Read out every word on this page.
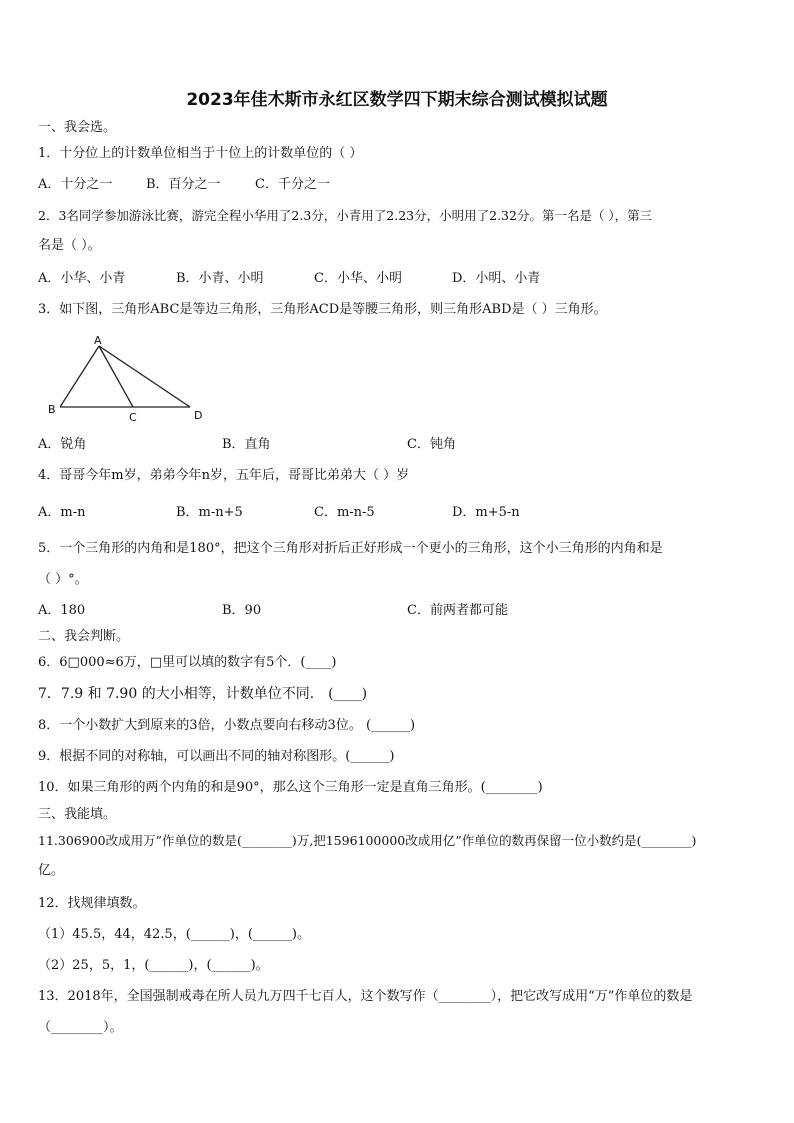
2023年佳木斯市永红区数学四下期末综合测试模拟试题
一、我会选。
1．十分位上的计数单位相当于十位上的计数单位的（ ）
A．十分之一	B．百分之一	C．千分之一
2．3名同学参加游泳比赛，游完全程小华用了2.3分，小青用了2.23分，小明用了2.32分。第一名是（ ），第三
名是（ ）。
A．小华、小青	B．小青、小明	C．小华、小明	D．小明、小青
3．如下图，三角形ABC是等边三角形，三角形ACD是等腰三角形，则三角形ABD是（ ）三角形。
A
B
C	D
A．锐角	B．直角	C．钝角
4．哥哥今年m岁，弟弟今年n岁，五年后，哥哥比弟弟大（ ）岁
A．m-n	B．m-n+5	C．m-n-5	D．m+5-n
5．一个三角形的内角和是180°，把这个三角形对折后正好形成一个更小的三角形，这个小三角形的内角和是
（ ）°。
A．180	B．90	C．前两者都可能
二、我会判断。
6．6□000≈6万，□里可以填的数字有5个．(____)
7．7.9 和 7.90 的大小相等，计数单位不同． (____)
8．一个小数扩大到原来的3倍，小数点要向右移动3位。 (______)
9．根据不同的对称轴，可以画出不同的轴对称图形。(______)
10．如果三角形的两个内角的和是90°，那么这个三角形一定是直角三角形。(________)
三、我能填。
11.306900改成用万”作单位的数是(________)万,把1596100000改成用亿”作单位的数再保留一位小数约是(________)
亿。
12．找规律填数。
（1）45.5，44，42.5，(______)，(______)。
（2）25，5，1，(______)，(______)。
13．2018年，全国强制戒毒在所人员九万四千七百人，这个数写作（________），把它改写成用“万”作单位的数是
（________）。
